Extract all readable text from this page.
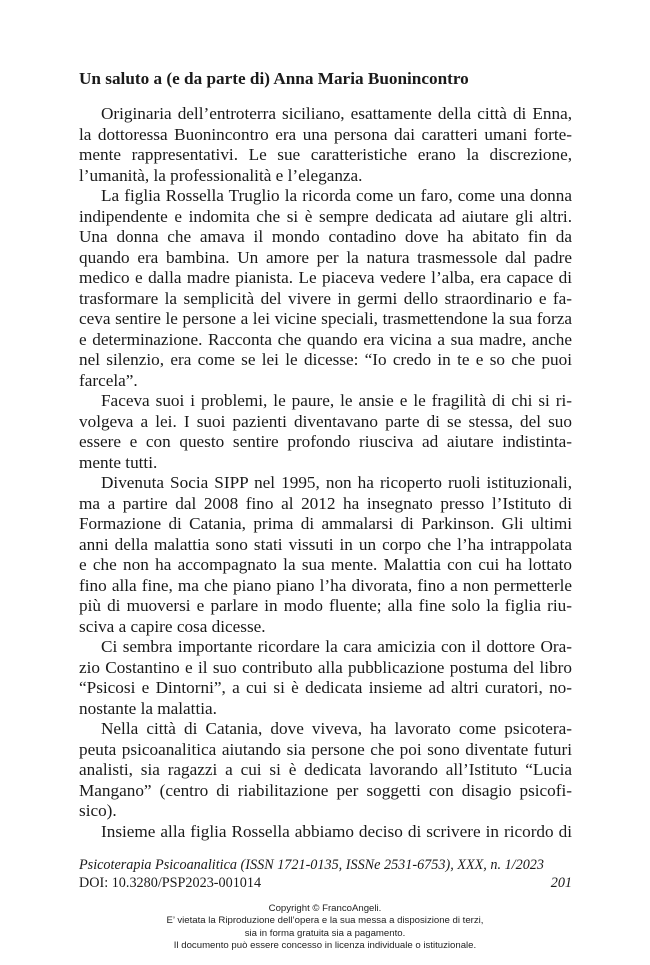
Un saluto a (e da parte di) Anna Maria Buonincontro

Originaria dell’entroterra siciliano, esattamente della città di Enna,
la dottoressa Buonincontro era una persona dai caratteri umani forte-
mente rappresentativi. Le sue caratteristiche erano la discrezione,
l’umanità, la professionalità e l’eleganza.

La figlia Rossella Truglio la ricorda come un faro, come una donna
indipendente e indomita che si è sempre dedicata ad aiutare gli altri.
Una donna che amava il mondo contadino dove ha abitato fin da
quando era bambina. Un amore per la natura trasmessole dal padre
medico e dalla madre pianista. Le piaceva vedere l’alba, era capace di
trasformare la semplicità del vivere in germi dello straordinario e fa-
ceva sentire le persone a lei vicine speciali, trasmettendone la sua forza
e determinazione. Racconta che quando era vicina a sua madre, anche
nel silenzio, era come se lei le dicesse: “Io credo in te e so che puoi
farcela”.

Faceva suoi i problemi, le paure, le ansie e le fragilità di chi si ri-
volgeva a lei. I suoi pazienti diventavano parte di se stessa, del suo
essere e con questo sentire profondo riusciva ad aiutare indistinta-
mente tutti.

Divenuta Socia SIPP nel 1995, non ha ricoperto ruoli istituzionali,
ma a partire dal 2008 fino al 2012 ha insegnato presso l’Istituto di
Formazione di Catania, prima di ammalarsi di Parkinson. Gli ultimi
anni della malattia sono stati vissuti in un corpo che l’ha intrappolata
e che non ha accompagnato la sua mente. Malattia con cui ha lottato
fino alla fine, ma che piano piano l’ha divorata, fino a non permetterle
più di muoversi e parlare in modo fluente; alla fine solo la figlia riu-
sciva a capire cosa dicesse.

Ci sembra importante ricordare la cara amicizia con il dottore Ora-
zio Costantino e il suo contributo alla pubblicazione postuma del libro
“Psicosi e Dintorni”, a cui si è dedicata insieme ad altri curatori, no-
nostante la malattia.

Nella città di Catania, dove viveva, ha lavorato come psicotera-
peuta psicoanalitica aiutando sia persone che poi sono diventate futuri
analisti, sia ragazzi a cui si è dedicata lavorando all’Istituto “Lucia
Mangano” (centro di riabilitazione per soggetti con disagio psicofi-
sico).

Insieme alla figlia Rossella abbiamo deciso di scrivere in ricordo di

Psicoterapia Psicoanalitica (ISSN 1721-0135, ISSNe 2531-6753), XXX, n. 1/2023
DOI: 10.3280/PSP2023-001014	201
Copyright © FrancoAngeli.
E’ vietata la Riproduzione dell’opera e la sua messa a disposizione di terzi,
sia in forma gratuita sia a pagamento.
Il documento può essere concesso in licenza individuale o istituzionale.
